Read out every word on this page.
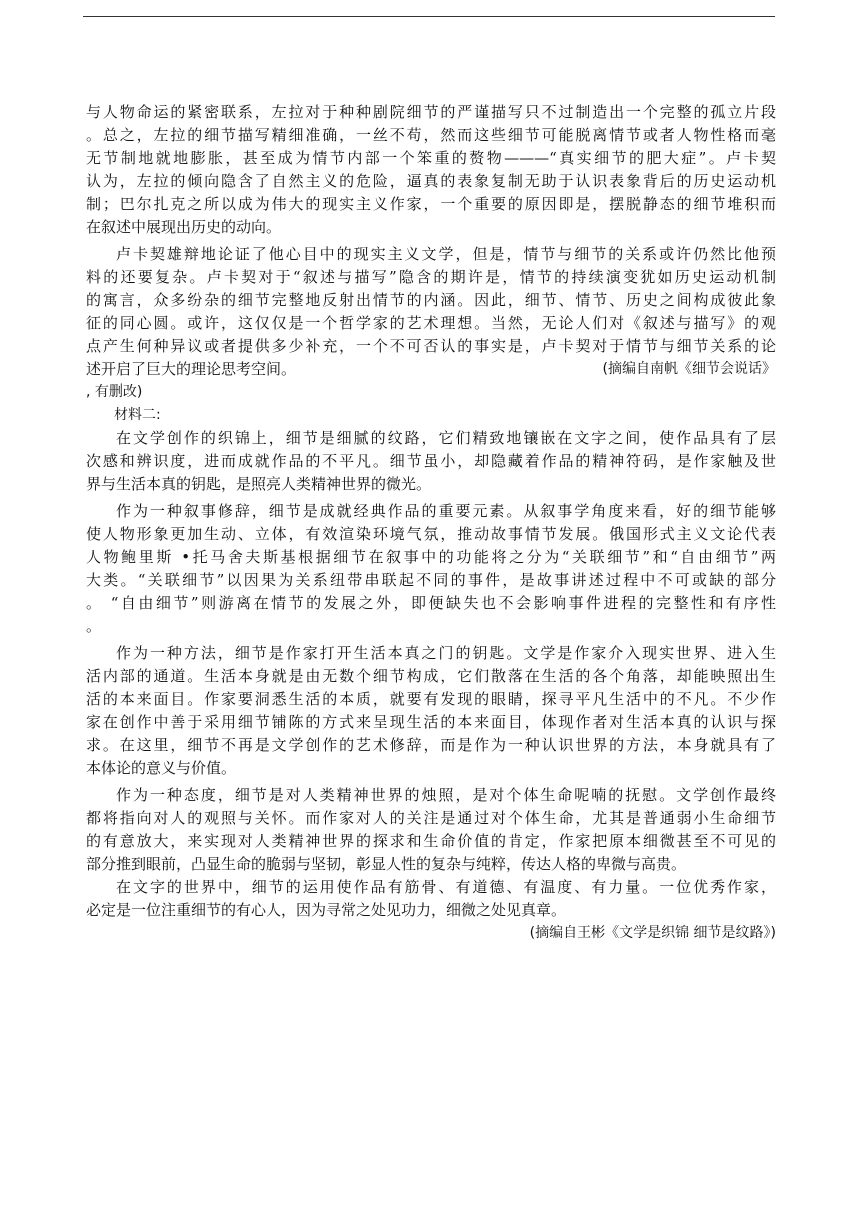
与人物命运的紧密联系，左拉对于种种剧院细节的严谨描写只不过制造出一个完整的孤立片段
。总之，左拉的细节描写精细准确，一丝不苟，然而这些细节可能脱离情节或者人物性格而毫
无节制地就地膨胀，甚至成为情节内部一个笨重的赘物———“真实细节的肥大症”。卢卡契
认为，左拉的倾向隐含了自然主义的危险，逼真的表象复制无助于认识表象背后的历史运动机
制；巴尔扎克之所以成为伟大的现实主义作家，一个重要的原因即是，摆脱静态的细节堆积而
在叙述中展现出历史的动向。
卢卡契雄辩地论证了他心目中的现实主义文学，但是，情节与细节的关系或许仍然比他预
料的还要复杂。卢卡契对于“叙述与描写”隐含的期许是，情节的持续演变犹如历史运动机制
的寓言，众多纷杂的细节完整地反射出情节的内涵。因此，细节、情节、历史之间构成彼此象
征的同心圆。或许，这仅仅是一个哲学家的艺术理想。当然，无论人们对《叙述与描写》的观
点产生何种异议或者提供多少补充，一个不可否认的事实是，卢卡契对于情节与细节关系的论
述开启了巨大的理论思考空间。	(摘编自南帆《细节会说话》
, 有删改)
材料二:
在文学创作的织锦上，细节是细腻的纹路，它们精致地镶嵌在文字之间，使作品具有了层
次感和辨识度，进而成就作品的不平凡。细节虽小，却隐藏着作品的精神符码，是作家触及世
界与生活本真的钥匙，是照亮人类精神世界的微光。
作为一种叙事修辞，细节是成就经典作品的重要元素。从叙事学角度来看，好的细节能够
使人物形象更加生动、立体，有效渲染环境气氛，推动故事情节发展。俄国形式主义文论代表
人物鲍里斯 •托马舍夫斯基根据细节在叙事中的功能将之分为“关联细节”和“自由细节”两
大类。“关联细节”以因果为关系纽带串联起不同的事件，是故事讲述过程中不可或缺的部分
。 “自由细节”则游离在情节的发展之外，即便缺失也不会影响事件进程的完整性和有序性
。
作为一种方法，细节是作家打开生活本真之门的钥匙。文学是作家介入现实世界、进入生
活内部的通道。生活本身就是由无数个细节构成，它们散落在生活的各个角落，却能映照出生
活的本来面目。作家要洞悉生活的本质，就要有发现的眼睛，探寻平凡生活中的不凡。不少作
家在创作中善于采用细节铺陈的方式来呈现生活的本来面目，体现作者对生活本真的认识与探
求。在这里，细节不再是文学创作的艺术修辞，而是作为一种认识世界的方法，本身就具有了
本体论的意义与价值。
作为一种态度，细节是对人类精神世界的烛照，是对个体生命呢喃的抚慰。文学创作最终
都将指向对人的观照与关怀。而作家对人的关注是通过对个体生命，尤其是普通弱小生命细节
的有意放大，来实现对人类精神世界的探求和生命价值的肯定，作家把原本细微甚至不可见的
部分推到眼前，凸显生命的脆弱与坚韧，彰显人性的复杂与纯粹，传达人格的卑微与高贵。
在文字的世界中，细节的运用使作品有筋骨、有道德、有温度、有力量。一位优秀作家，
必定是一位注重细节的有心人，因为寻常之处见功力，细微之处见真章。
(摘编自王彬《文学是织锦 细节是纹路》)
